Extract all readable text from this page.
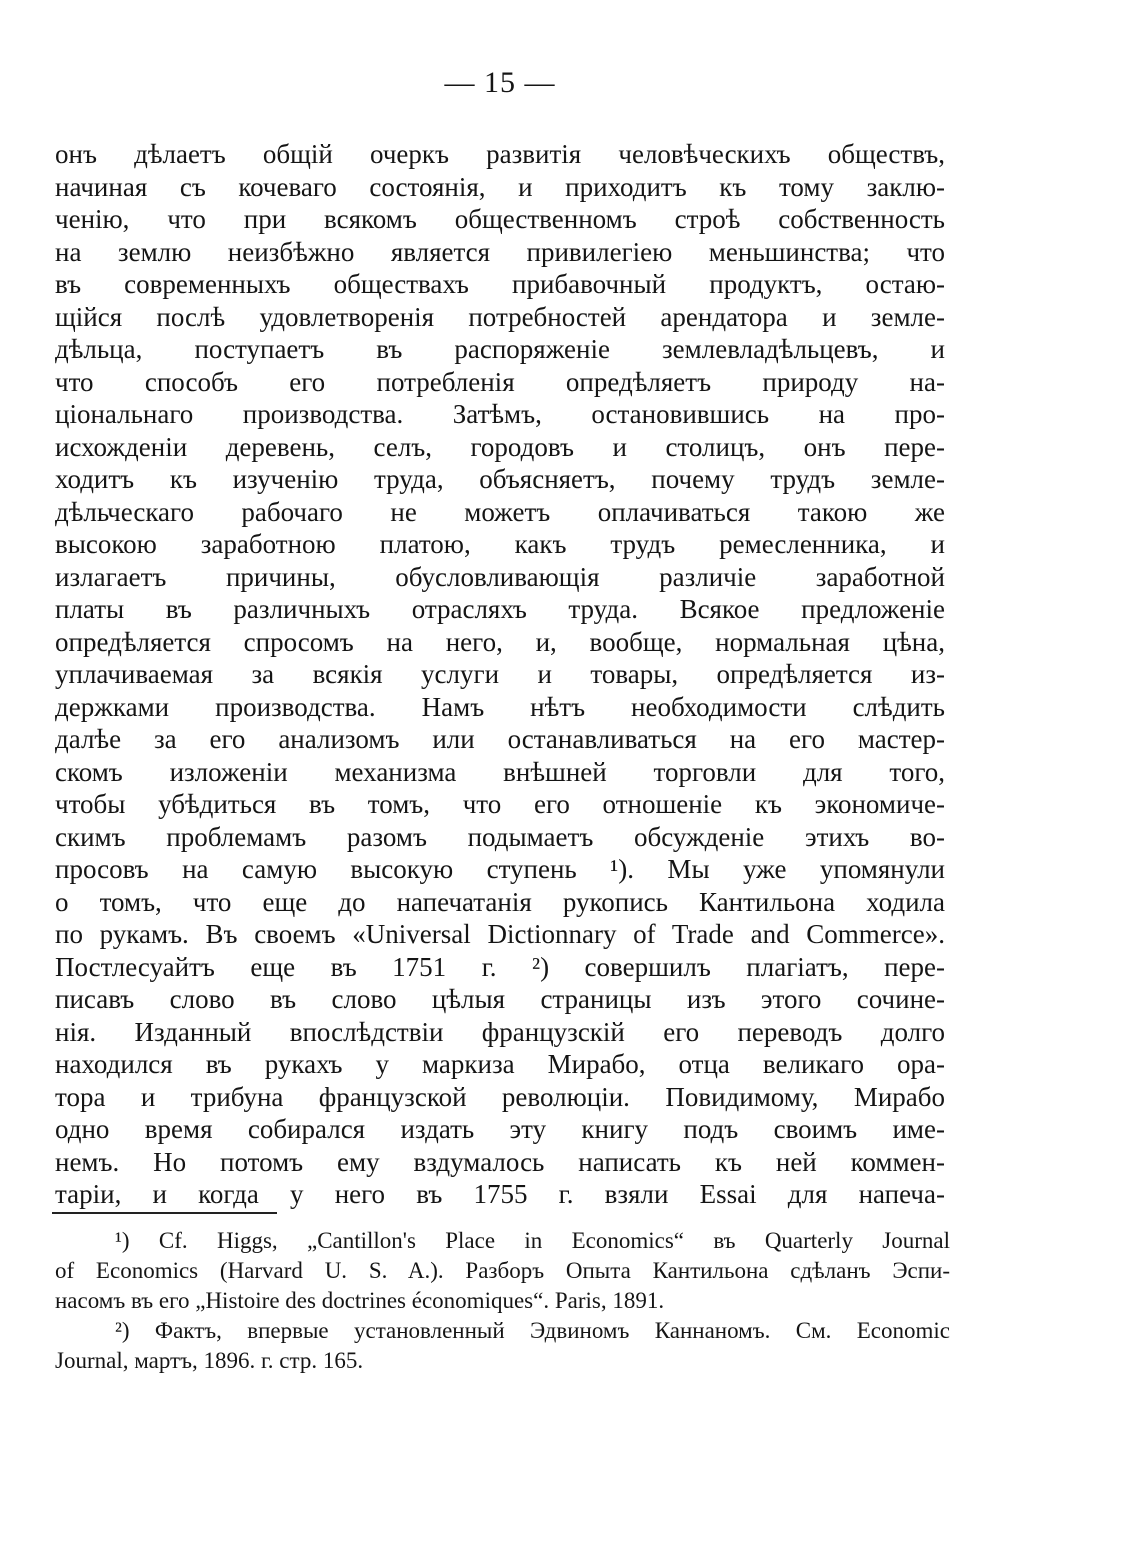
— 15 —
онъ дѣлаетъ общій очеркъ развитія человѣческихъ обществъ,
начиная съ кочеваго состоянія, и приходитъ къ тому заклю-
ченію, что при всякомъ общественномъ строѣ собственность
на землю неизбѣжно является привилегіею меньшинства; что
въ современныхъ обществахъ прибавочный продуктъ, остаю-
щійся послѣ удовлетворенія потребностей арендатора и земле-
дѣльца, поступаетъ въ распоряженіе землевладѣльцевъ, и
что способъ его потребленія опредѣляетъ природу на-
ціональнаго производства. Затѣмъ, остановившись на про-
исхожденіи деревень, селъ, городовъ и столицъ, онъ пере-
ходитъ къ изученію труда, объясняетъ, почему трудъ земле-
дѣльческаго рабочаго не можетъ оплачиваться такою же
высокою заработною платою, какъ трудъ ремесленника, и
излагаетъ причины, обусловливающія различіе заработной
платы въ различныхъ отрасляхъ труда. Всякое предложеніе
опредѣляется спросомъ на него, и, вообще, нормальная цѣна,
уплачиваемая за всякія услуги и товары, опредѣляется из-
держками производства. Намъ нѣтъ необходимости слѣдить
далѣе за его анализомъ или останавливаться на его мастер-
скомъ изложеніи механизма внѣшней торговли для того,
чтобы убѣдиться въ томъ, что его отношеніе къ экономиче-
скимъ проблемамъ разомъ подымаетъ обсужденіе этихъ во-
просовъ на самую высокую ступень ¹). Мы уже упомянули
о томъ, что еще до напечатанія рукопись Кантильона ходила
по рукамъ. Въ своемъ «Universal Dictionnary of Trade and Commerce».
Постлесуайтъ еще въ 1751 г. ²) совершилъ плагіатъ, пере-
писавъ слово въ слово цѣлыя страницы изъ этого сочине-
нія. Изданный впослѣдствіи французскій его переводъ долго
находился въ рукахъ у маркиза Мирабо, отца великаго ора-
тора и трибуна французской революціи. Повидимому, Мирабо
одно время собирался издать эту книгу подъ своимъ име-
немъ. Но потомъ ему вздумалось написать къ ней коммен-
таріи, и когда у него въ 1755 г. взяли Essai для напеча-
¹) Cf. Higgs, „Cantillon's Place in Economics“ въ Quarterly Journal
of Economics (Harvard U. S. A.). Разборъ Опыта Кантильона сдѣланъ Эспи-
насомъ въ его „Histoire des doctrines économiques“. Paris, 1891.
²) Фактъ, впервые установленный Эдвиномъ Каннаномъ. См. Economic
Journal, мартъ, 1896. г. стр. 165.
